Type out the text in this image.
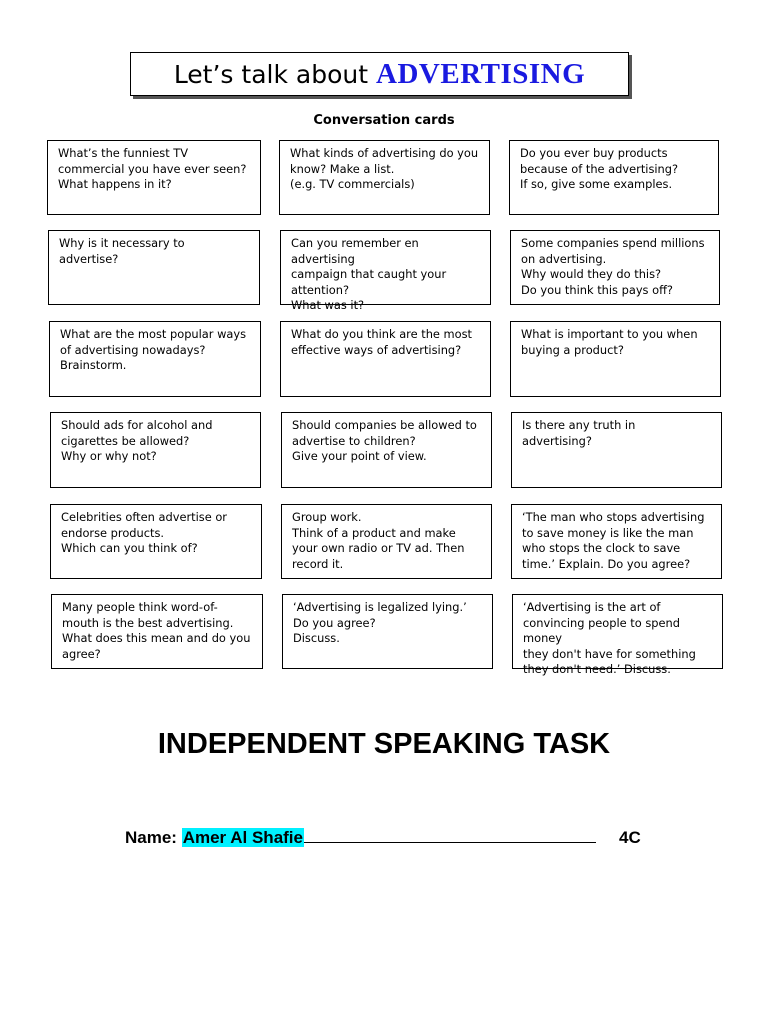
Let’s talk about ADVERTISING
Conversation cards
What’s the funniest TV
commercial you have ever seen?
What happens in it?
What kinds of advertising do you
know? Make a list.
(e.g. TV commercials)
Do you ever buy products
because of the advertising?
If so, give some examples.
Why is it necessary to
advertise?
Can you remember en advertising
campaign that caught your
attention?
What was it?
Some companies spend millions
on advertising.
Why would they do this?
Do you think this pays off?
What are the most popular ways
of advertising nowadays?
Brainstorm.
What do you think are the most
effective ways of advertising?
What is important to you when
buying a product?
Should ads for alcohol and
cigarettes be allowed?
Why or why not?
Should companies be allowed to
advertise to children?
Give your point of view.
Is there any truth in
advertising?
Celebrities often advertise or
endorse products.
Which can you think of?
Group work.
Think of a product and make
your own radio or TV ad. Then
record it.
‘The man who stops advertising
to save money is like the man
who stops the clock to save
time.’ Explain. Do you agree?
Many people think word-of-
mouth is the best advertising.
What does this mean and do you
agree?
‘Advertising is legalized lying.’
Do you agree?
Discuss.
‘Advertising is the art of
convincing people to spend money
they don't have for something
they don't need.’ Discuss.
INDEPENDENT SPEAKING TASK
Name: Amer Al Shafie	4C
